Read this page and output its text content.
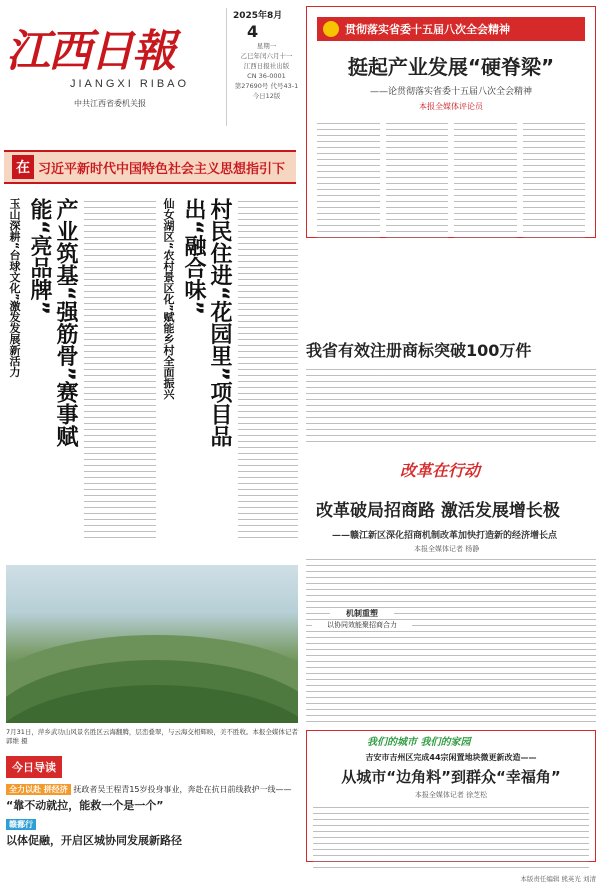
江西日報
JIANGXI RIBAO
中共江西省委机关报
2025年8月
4
星期一
乙巳年闰六月十一
江西日报社出版
CN 36-0001
第27690号 代号43-1
今日12版
贯彻落实省委十五届八次全会精神
挺起产业发展“硬脊梁”
——论贯彻落实省委十五届八次全会精神
本报全媒体评论员
在 习近平新时代中国特色社会主义思想指引下
玉山深耕“台球文化”激发发展新活力	产业筑基“强筋骨”赛事赋能“亮品牌”	仙女湖区“农村景区化”赋能乡村全面振兴	村民住进“花园里”项目品出“融合味”
我省有效注册商标突破100万件
改革在行动
改革破局招商路 激活发展增长极
——赣江新区深化招商机制改革加快打造新的经济增长点
本报全媒体记者 杨静
机制重塑
以协同效能聚招商合力
7月31日，萍乡武功山风景名胜区云海翻腾，层峦叠翠，与云海交相辉映，美不胜收。本报全媒体记者 郭维 摄
今日导读
全力以赴 拼经济 抚政者吴王程青15岁投身事业，奔赴在抗日前线救护一线——
“靠不动就拉，能救一个是一个”
赣鄱行
以体促融，开启区城协同发展新路径
我们的城市 我们的家园
吉安市吉州区完成44宗闲置地块微更新改造——
从城市“边角料”到群众“幸福角”
本报全媒体记者 徐芝松
本版责任编辑 熊英光 刘清
